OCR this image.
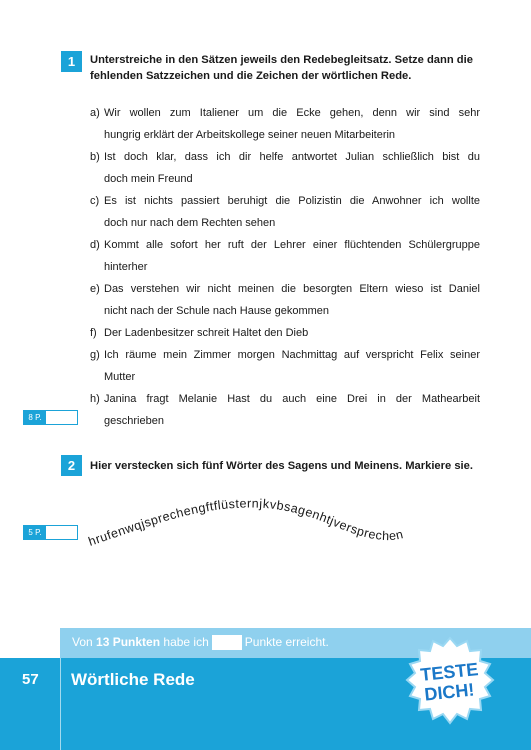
1	Unterstreiche in den Sätzen jeweils den Redebegleitsatz. Setze dann die
fehlenden Satzzeichen und die Zeichen der wörtlichen Rede.
a) Wir wollen zum Italiener um die Ecke gehen, denn wir sind sehr
hungrig erklärt der Arbeitskollege seiner neuen Mitarbeiterin
b) Ist doch klar, dass ich dir helfe antwortet Julian schließlich bist du
doch mein Freund
c) Es ist nichts passiert beruhigt die Polizistin die Anwohner ich wollte
doch nur nach dem Rechten sehen
d) Kommt alle sofort her ruft der Lehrer einer flüchtenden Schülergruppe
hinterher
e) Das verstehen wir nicht meinen die besorgten Eltern wieso ist Daniel
nicht nach der Schule nach Hause gekommen
f) Der Ladenbesitzer schreit Haltet den Dieb
g) Ich räume mein Zimmer morgen Nachmittag auf verspricht Felix seiner
Mutter
h) Janina fragt Melanie Hast du auch eine Drei in der Mathearbeit
geschrieben
8 P.
2	Hier verstecken sich fünf Wörter des Sagens und Meinens. Markiere sie.
5 P.
hrufenwqjsprechengftflüsternjkvbsagenhtjversprechen
Von 13 Punkten habe ich	Punkte erreicht.
57 Wörtliche Rede	TESTE
DICH!
